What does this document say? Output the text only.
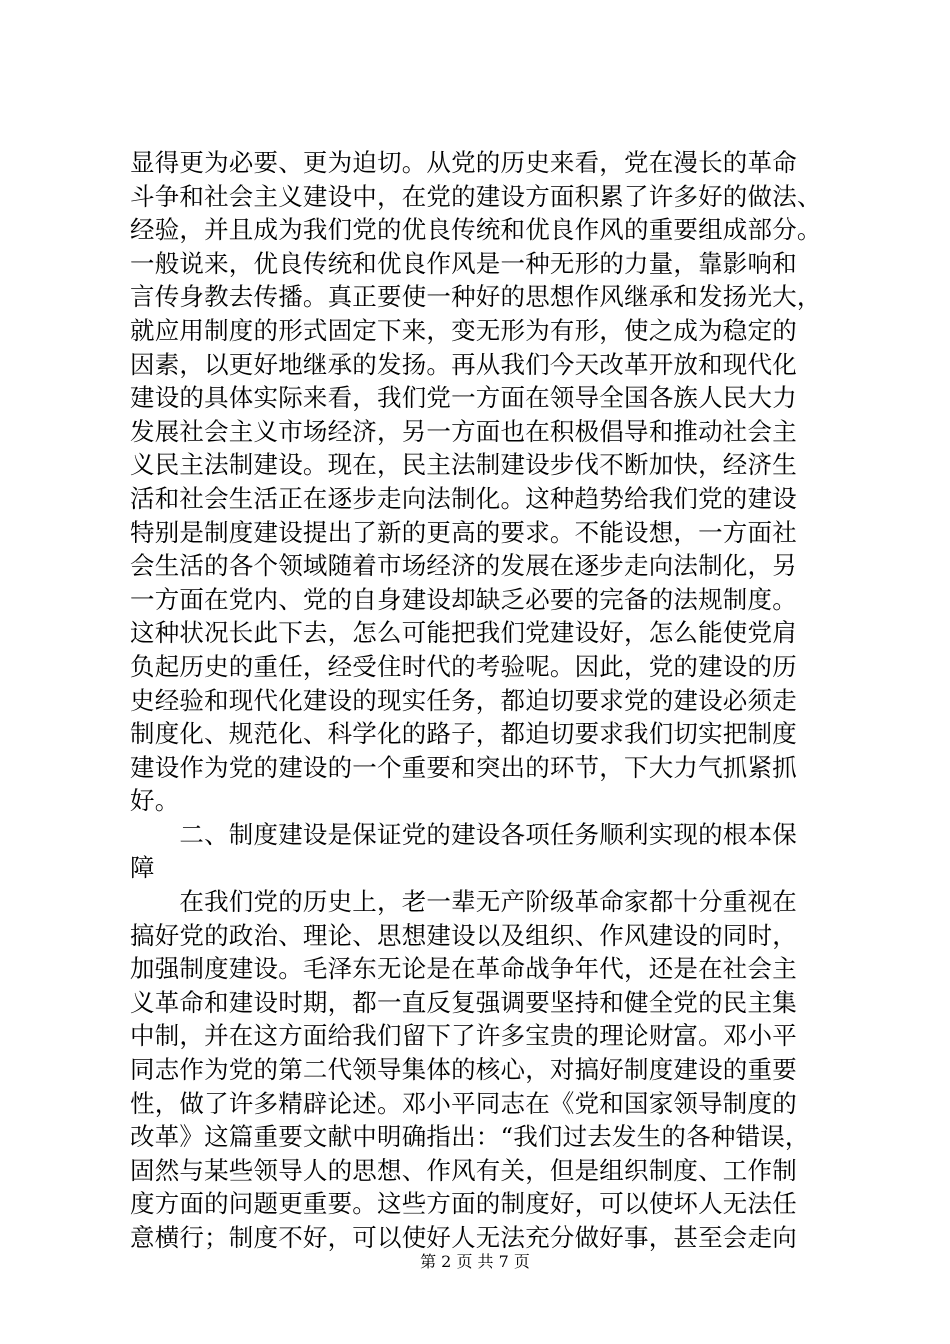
显得更为必要、更为迫切。从党的历史来看，党在漫长的革命
斗争和社会主义建设中，在党的建设方面积累了许多好的做法、
经验，并且成为我们党的优良传统和优良作风的重要组成部分。
一般说来，优良传统和优良作风是一种无形的力量，靠影响和
言传身教去传播。真正要使一种好的思想作风继承和发扬光大，
就应用制度的形式固定下来，变无形为有形，使之成为稳定的
因素，以更好地继承的发扬。再从我们今天改革开放和现代化
建设的具体实际来看，我们党一方面在领导全国各族人民大力
发展社会主义市场经济，另一方面也在积极倡导和推动社会主
义民主法制建设。现在，民主法制建设步伐不断加快，经济生
活和社会生活正在逐步走向法制化。这种趋势给我们党的建设
特别是制度建设提出了新的更高的要求。不能设想，一方面社
会生活的各个领域随着市场经济的发展在逐步走向法制化，另
一方面在党内、党的自身建设却缺乏必要的完备的法规制度。
这种状况长此下去，怎么可能把我们党建设好，怎么能使党肩
负起历史的重任，经受住时代的考验呢。因此，党的建设的历
史经验和现代化建设的现实任务，都迫切要求党的建设必须走
制度化、规范化、科学化的路子，都迫切要求我们切实把制度
建设作为党的建设的一个重要和突出的环节，下大力气抓紧抓
好。
　　二、制度建设是保证党的建设各项任务顺利实现的根本保
障
　　在我们党的历史上，老一辈无产阶级革命家都十分重视在
搞好党的政治、理论、思想建设以及组织、作风建设的同时，
加强制度建设。毛泽东无论是在革命战争年代，还是在社会主
义革命和建设时期，都一直反复强调要坚持和健全党的民主集
中制，并在这方面给我们留下了许多宝贵的理论财富。邓小平
同志作为党的第二代领导集体的核心，对搞好制度建设的重要
性，做了许多精辟论述。邓小平同志在《党和国家领导制度的
改革》这篇重要文献中明确指出：“我们过去发生的各种错误，
固然与某些领导人的思想、作风有关，但是组织制度、工作制
度方面的问题更重要。这些方面的制度好，可以使坏人无法任
意横行；制度不好，可以使好人无法充分做好事，甚至会走向
第 2 页 共 7 页
